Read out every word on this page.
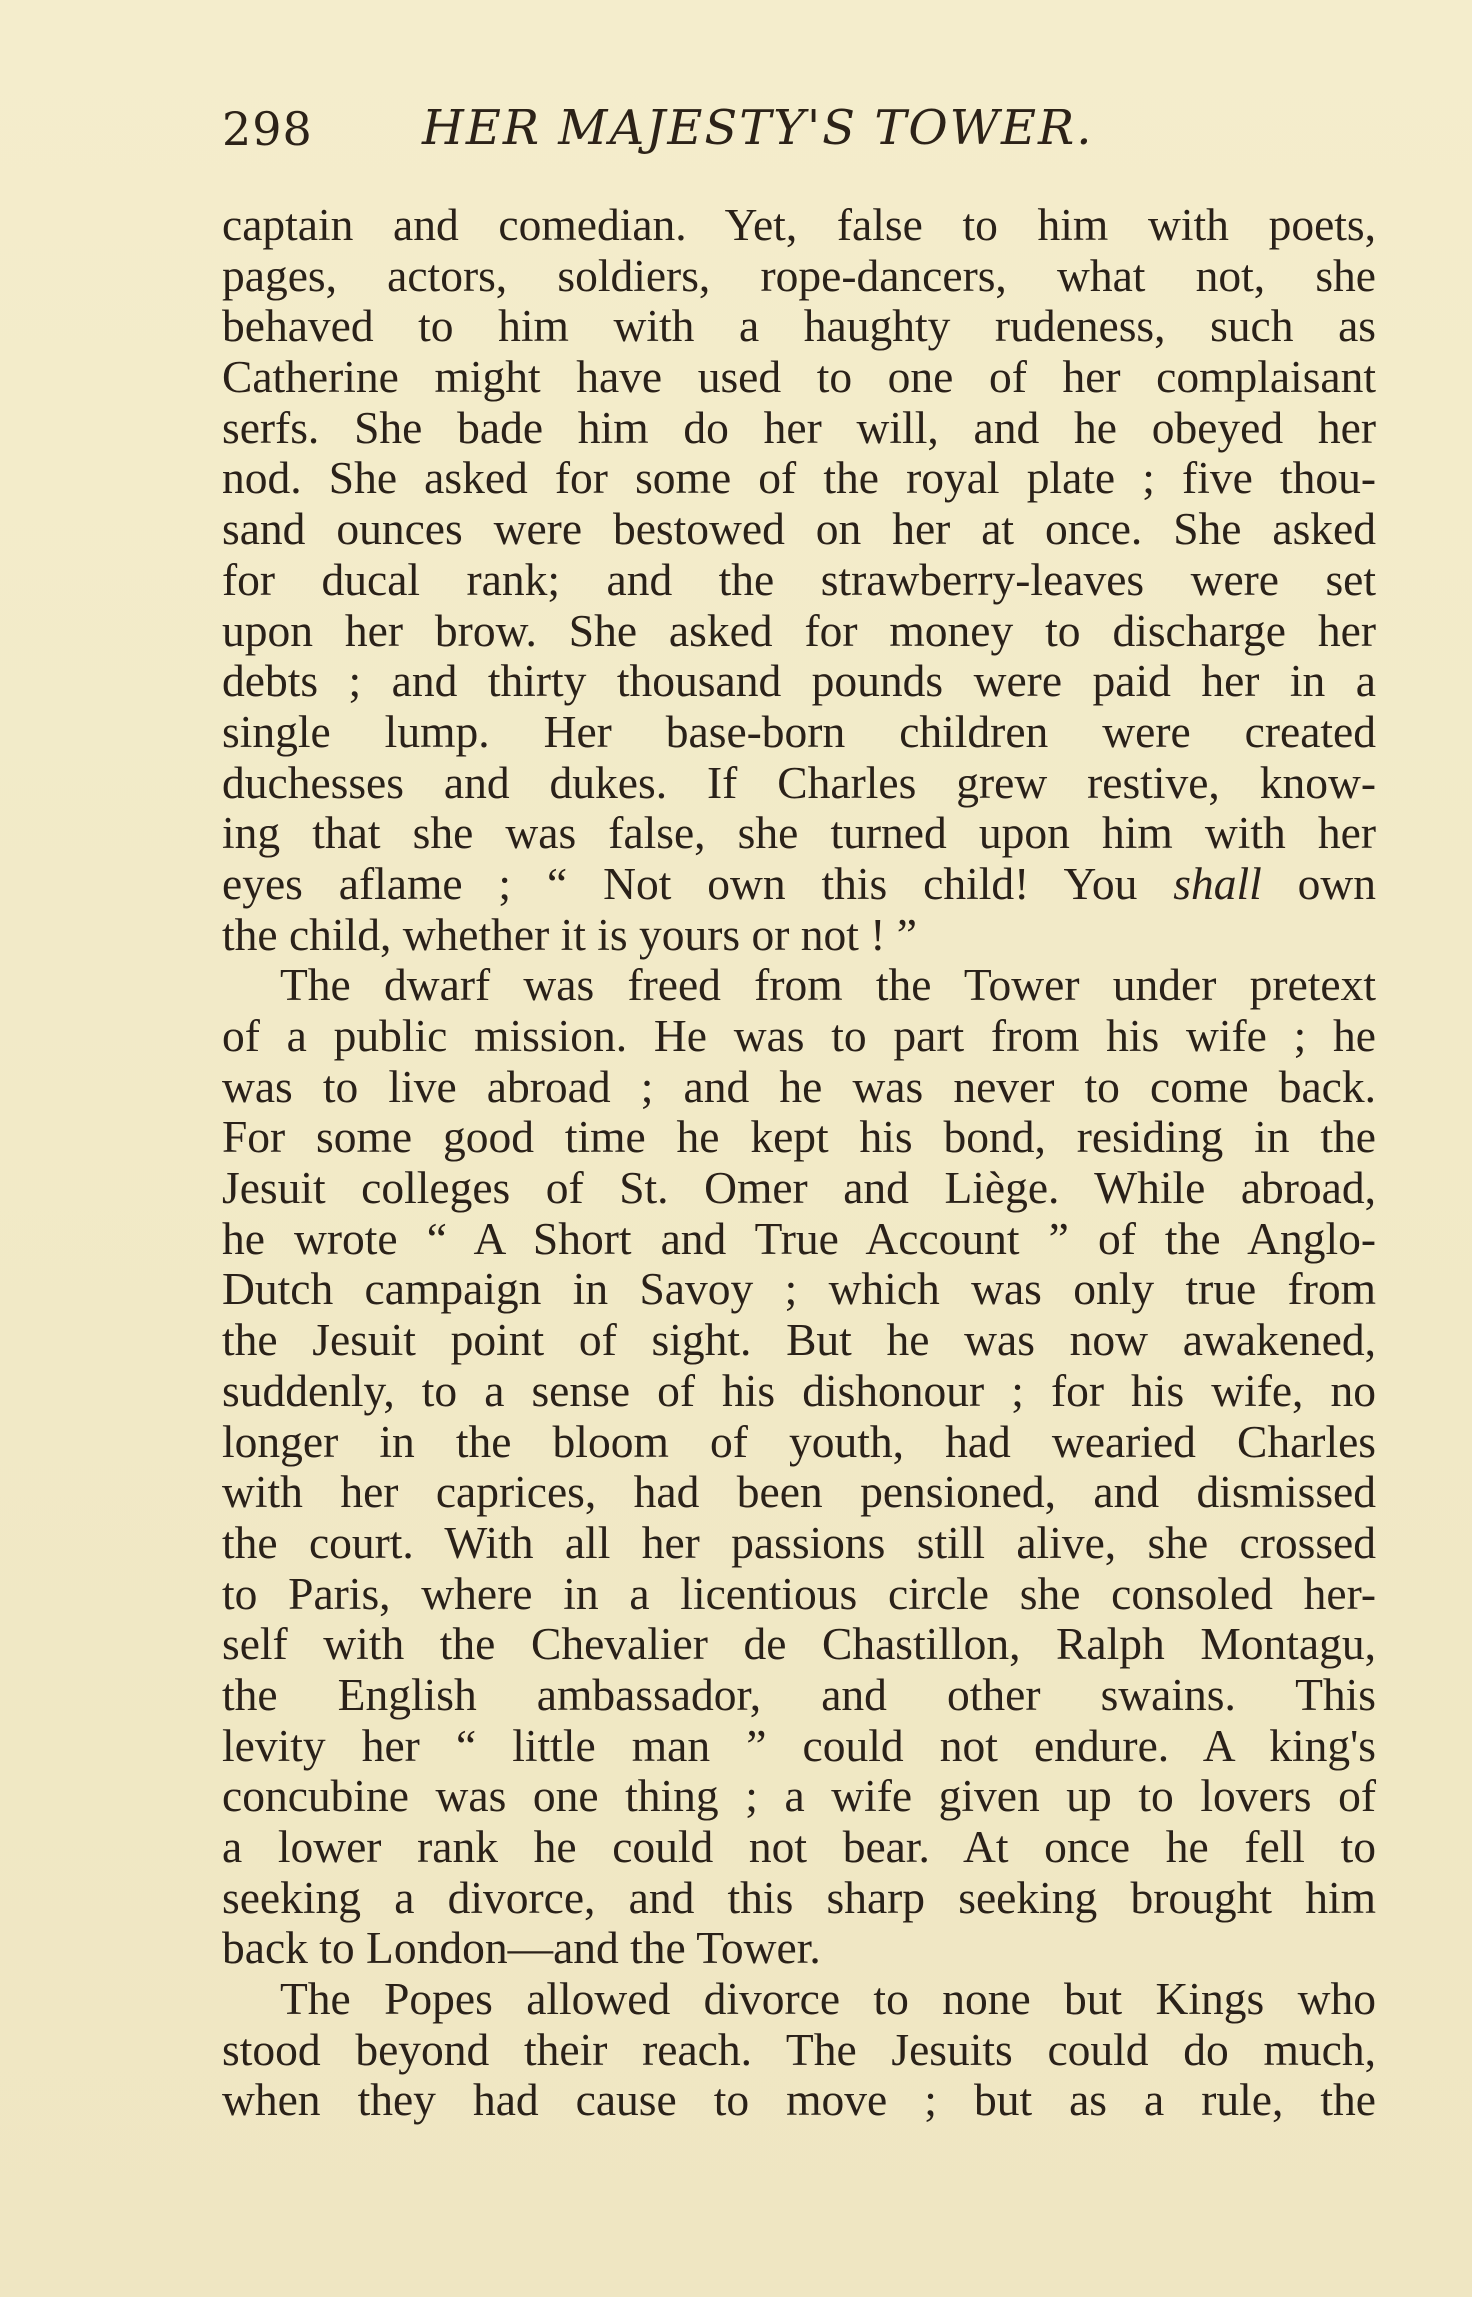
298 HER MAJESTY'S TOWER.
captain and comedian. Yet, false to him with poets,
pages, actors, soldiers, rope-dancers, what not, she
behaved to him with a haughty rudeness, such as
Catherine might have used to one of her complaisant
serfs. She bade him do her will, and he obeyed her
nod. She asked for some of the royal plate ; five thou-
sand ounces were bestowed on her at once. She asked
for ducal rank; and the strawberry-leaves were set
upon her brow. She asked for money to discharge her
debts ; and thirty thousand pounds were paid her in a
single lump. Her base-born children were created
duchesses and dukes. If Charles grew restive, know-
ing that she was false, she turned upon him with her
eyes aflame ; “ Not own this child! You shall own
the child, whether it is yours or not ! ”
The dwarf was freed from the Tower under pretext
of a public mission. He was to part from his wife ; he
was to live abroad ; and he was never to come back.
For some good time he kept his bond, residing in the
Jesuit colleges of St. Omer and Liège. While abroad,
he wrote “ A Short and True Account ” of the Anglo-
Dutch campaign in Savoy ; which was only true from
the Jesuit point of sight. But he was now awakened,
suddenly, to a sense of his dishonour ; for his wife, no
longer in the bloom of youth, had wearied Charles
with her caprices, had been pensioned, and dismissed
the court. With all her passions still alive, she crossed
to Paris, where in a licentious circle she consoled her-
self with the Chevalier de Chastillon, Ralph Montagu,
the English ambassador, and other swains. This
levity her “ little man ” could not endure. A king's
concubine was one thing ; a wife given up to lovers of
a lower rank he could not bear. At once he fell to
seeking a divorce, and this sharp seeking brought him
back to London—and the Tower.
The Popes allowed divorce to none but Kings who
stood beyond their reach. The Jesuits could do much,
when they had cause to move ; but as a rule, the
